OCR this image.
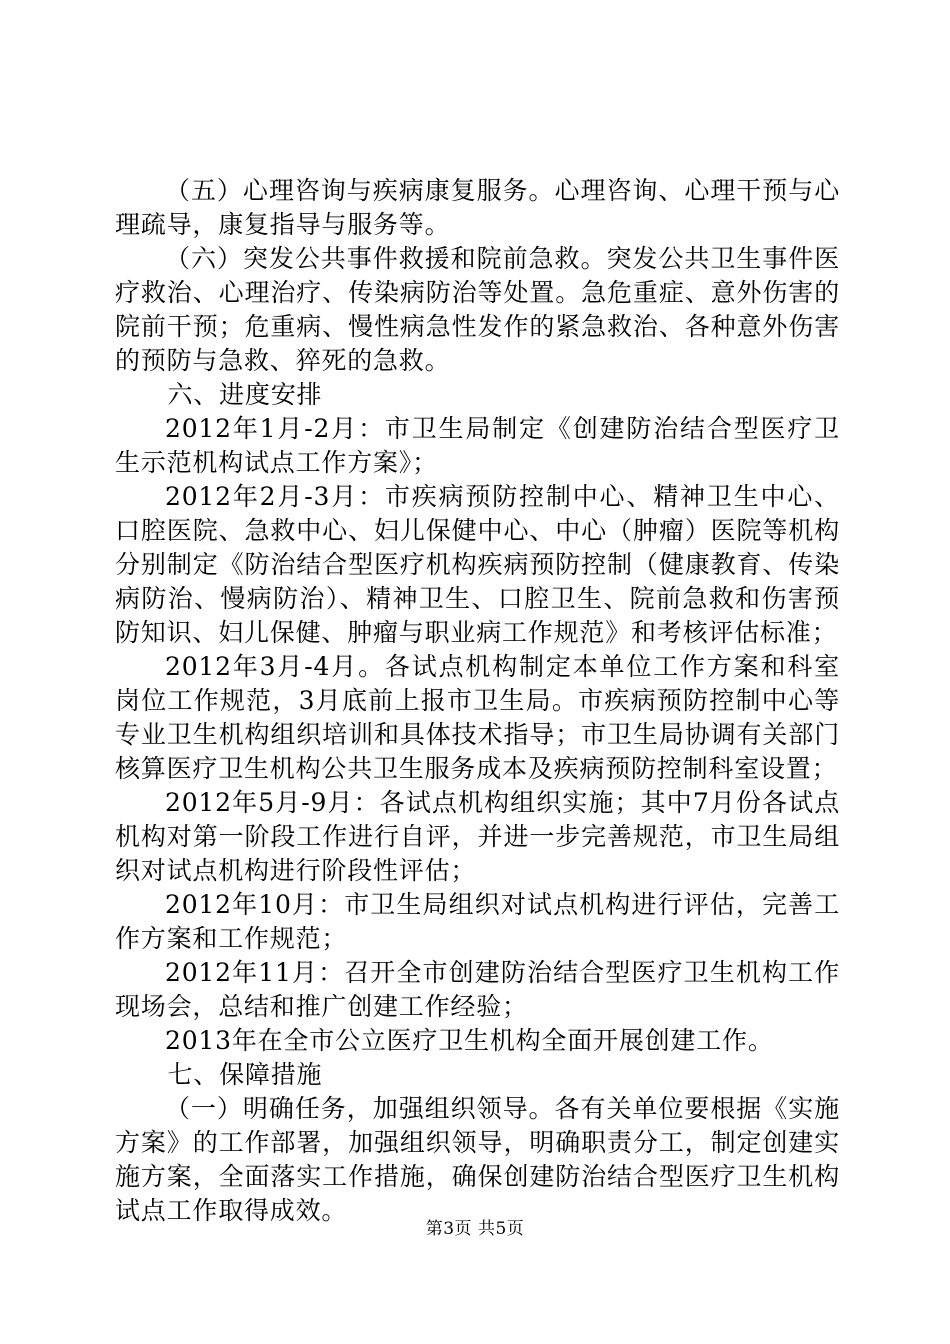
（五）心理咨询与疾病康复服务。心理咨询、心理干预与心理疏导，康复指导与服务等。

（六）突发公共事件救援和院前急救。突发公共卫生事件医疗救治、心理治疗、传染病防治等处置。急危重症、意外伤害的院前干预；危重病、慢性病急性发作的紧急救治、各种意外伤害的预防与急救、猝死的急救。

六、进度安排

2012年1月-2月：市卫生局制定《创建防治结合型医疗卫生示范机构试点工作方案》；

2012年2月-3月：市疾病预防控制中心、精神卫生中心、口腔医院、急救中心、妇儿保健中心、中心（肿瘤）医院等机构分别制定《防治结合型医疗机构疾病预防控制（健康教育、传染病防治、慢病防治）、精神卫生、口腔卫生、院前急救和伤害预防知识、妇儿保健、肿瘤与职业病工作规范》和考核评估标准；

2012年3月-4月。各试点机构制定本单位工作方案和科室岗位工作规范，3月底前上报市卫生局。市疾病预防控制中心等专业卫生机构组织培训和具体技术指导；市卫生局协调有关部门核算医疗卫生机构公共卫生服务成本及疾病预防控制科室设置；

2012年5月-9月：各试点机构组织实施；其中7月份各试点机构对第一阶段工作进行自评，并进一步完善规范，市卫生局组织对试点机构进行阶段性评估；

2012年10月：市卫生局组织对试点机构进行评估，完善工作方案和工作规范；

2012年11月：召开全市创建防治结合型医疗卫生机构工作现场会，总结和推广创建工作经验；

2013年在全市公立医疗卫生机构全面开展创建工作。

七、保障措施

（一）明确任务，加强组织领导。各有关单位要根据《实施方案》的工作部署，加强组织领导，明确职责分工，制定创建实施方案，全面落实工作措施，确保创建防治结合型医疗卫生机构试点工作取得成效。

第3页 共5页
